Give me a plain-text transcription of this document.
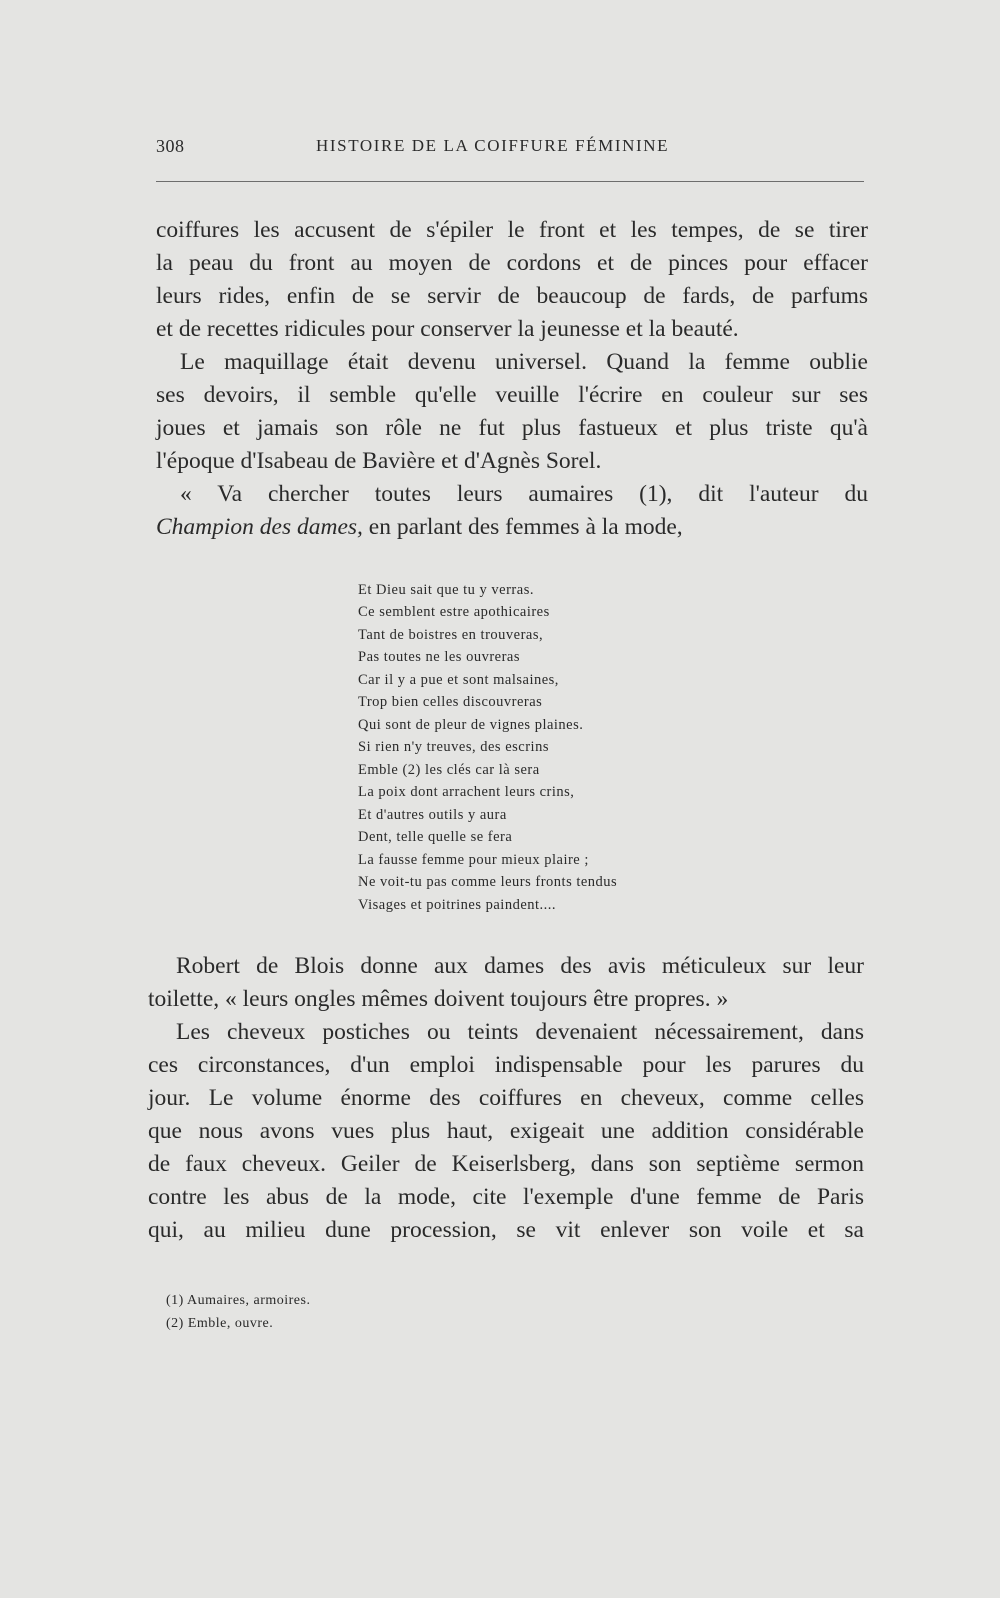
308	HISTOIRE DE LA COIFFURE FÉMININE
coiffures les accusent de s'épiler le front et les tempes, de se tirer
la peau du front au moyen de cordons et de pinces pour effacer
leurs rides, enfin de se servir de beaucoup de fards, de parfums
et de recettes ridicules pour conserver la jeunesse et la beauté.
Le maquillage était devenu universel. Quand la femme oublie
ses devoirs, il semble qu'elle veuille l'écrire en couleur sur ses
joues et jamais son rôle ne fut plus fastueux et plus triste qu'à
l'époque d'Isabeau de Bavière et d'Agnès Sorel.
« Va chercher toutes leurs aumaires (1), dit l'auteur du
Champion des dames, en parlant des femmes à la mode,
Et Dieu sait que tu y verras.
Ce semblent estre apothicaires
Tant de boistres en trouveras,
Pas toutes ne les ouvreras
Car il y a pue et sont malsaines,
Trop bien celles discouvreras
Qui sont de pleur de vignes plaines.
Si rien n'y treuves, des escrins
Emble (2) les clés car là sera
La poix dont arrachent leurs crins,
Et d'autres outils y aura
Dent, telle quelle se fera
La fausse femme pour mieux plaire ;
Ne voit-tu pas comme leurs fronts tendus
Visages et poitrines paindent....
Robert de Blois donne aux dames des avis méticuleux sur leur
toilette, « leurs ongles mêmes doivent toujours être propres. »
Les cheveux postiches ou teints devenaient nécessairement, dans
ces circonstances, d'un emploi indispensable pour les parures du
jour. Le volume énorme des coiffures en cheveux, comme celles
que nous avons vues plus haut, exigeait une addition considérable
de faux cheveux. Geiler de Keiserlsberg, dans son septième sermon
contre les abus de la mode, cite l'exemple d'une femme de Paris
qui, au milieu dune procession, se vit enlever son voile et sa
(1) Aumaires, armoires.
(2) Emble, ouvre.
